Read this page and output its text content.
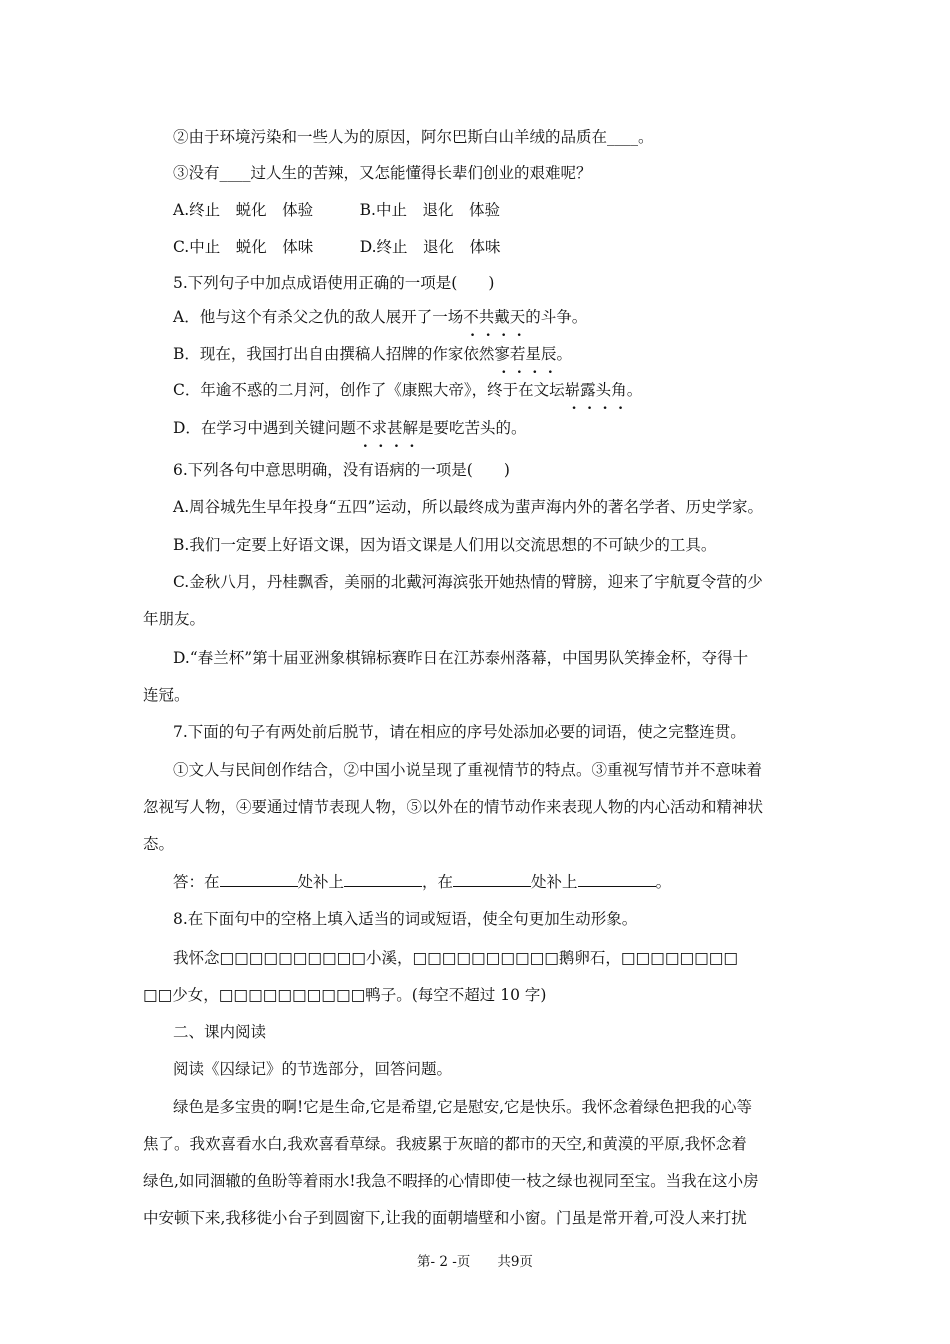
②由于环境污染和一些人为的原因，阿尔巴斯白山羊绒的品质在____。
③没有____过人生的苦辣，又怎能懂得长辈们创业的艰难呢？
A.终止　蜕化　体验　　　B.中止　退化　体验
C.中止　蜕化　体味　　　D.终止　退化　体味
5.下列句子中加点成语使用正确的一项是(　　)
A．他与这个有杀父之仇的敌人展开了一场不共戴天的斗争。
B．现在，我国打出自由撰稿人招牌的作家依然寥若星辰。
C．年逾不惑的二月河，创作了《康熙大帝》，终于在文坛崭露头角。
D．在学习中遇到关键问题不求甚解是要吃苦头的。
6.下列各句中意思明确，没有语病的一项是(　　)
A.周谷城先生早年投身“五四”运动，所以最终成为蜚声海内外的著名学者、历史学家。
B.我们一定要上好语文课，因为语文课是人们用以交流思想的不可缺少的工具。
C.金秋八月，丹桂飘香，美丽的北戴河海滨张开她热情的臂膀，迎来了宇航夏令营的少
年朋友。
D.“春兰杯”第十届亚洲象棋锦标赛昨日在江苏泰州落幕，中国男队笑捧金杯，夺得十
连冠。
7.下面的句子有两处前后脱节，请在相应的序号处添加必要的词语，使之完整连贯。
①文人与民间创作结合，②中国小说呈现了重视情节的特点。③重视写情节并不意味着
忽视写人物，④要通过情节表现人物，⑤以外在的情节动作来表现人物的内心活动和精神状
态。
答：在	处补上	，在	处补上	。
8.在下面句中的空格上填入适当的词或短语，使全句更加生动形象。
我怀念□□□□□□□□□□小溪，□□□□□□□□□□鹅卵石，□□□□□□□□
□□少女，□□□□□□□□□□鸭子。(每空不超过 10 字)
二、课内阅读
阅读《囚绿记》的节选部分，回答问题。
绿色是多宝贵的啊!它是生命,它是希望,它是慰安,它是快乐。我怀念着绿色把我的心等
焦了。我欢喜看水白,我欢喜看草绿。我疲累于灰暗的都市的天空,和黄漠的平原,我怀念着
绿色,如同涸辙的鱼盼等着雨水!我急不暇择的心情即使一枝之绿也视同至宝。当我在这小房
中安顿下来,我移徙小台子到圆窗下,让我的面朝墙壁和小窗。门虽是常开着,可没人来打扰
第- 2 -页　　共9页
